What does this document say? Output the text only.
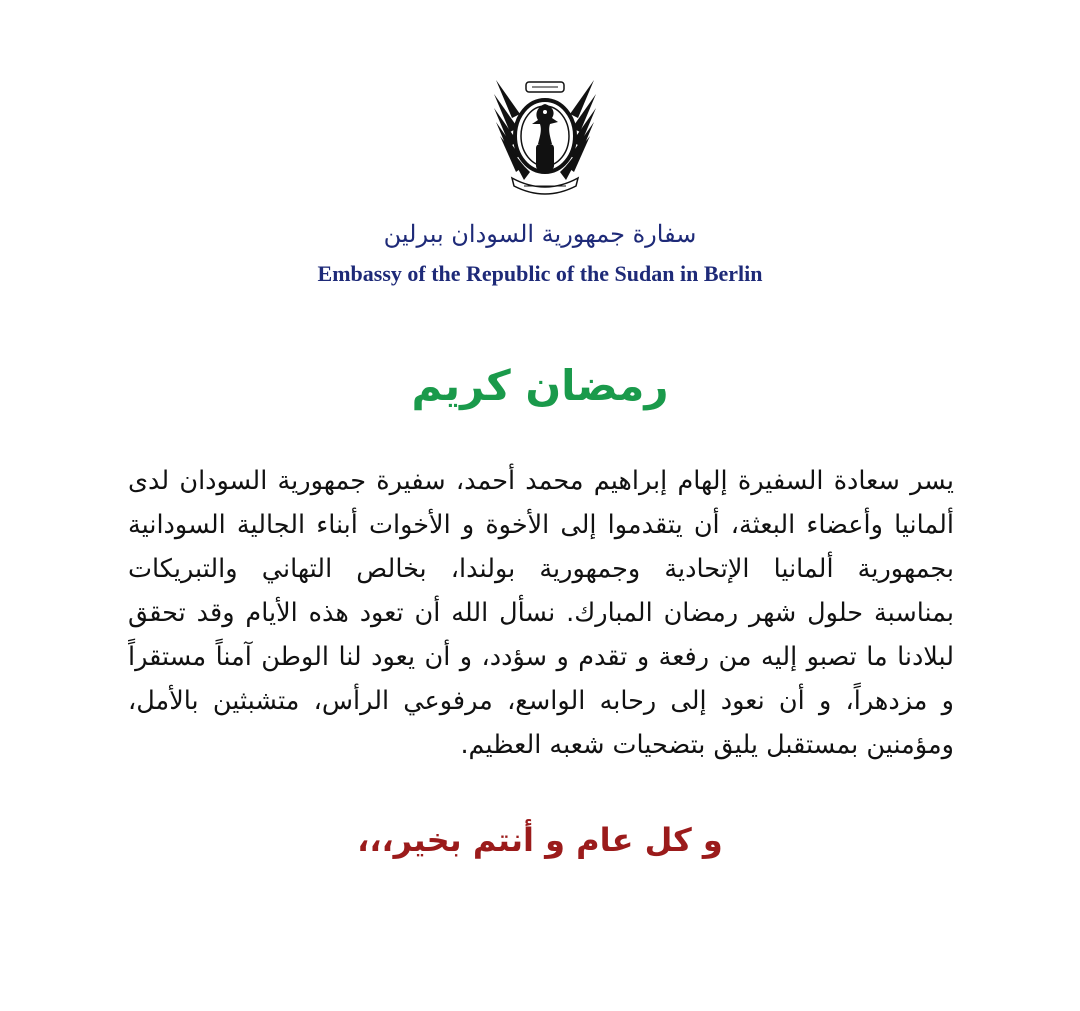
سفارة جمهورية السودان ببرلين
Embassy of the Republic of the Sudan in Berlin
رمضان كريم
يسر سعادة السفيرة إلهام إبراهيم محمد أحمد، سفيرة جمهورية السودان لدى
ألمانيا وأعضاء البعثة، أن يتقدموا إلى الأخوة و الأخوات أبناء الجالية السودانية
بجمهورية ألمانيا الإتحادية وجمهورية بولندا، بخالص التهاني والتبريكات
بمناسبة حلول شهر رمضان المبارك. نسأل الله أن تعود هذه الأيام وقد تحقق
لبلادنا ما تصبو إليه من رفعة و تقدم و سؤدد، و أن يعود لنا الوطن آمناً مستقراً
و مزدهراً، و أن نعود إلى رحابه الواسع، مرفوعي الرأس، متشبثين بالأمل،
ومؤمنين بمستقبل يليق بتضحيات شعبه العظيم.
و كل عام و أنتم بخير،،،
